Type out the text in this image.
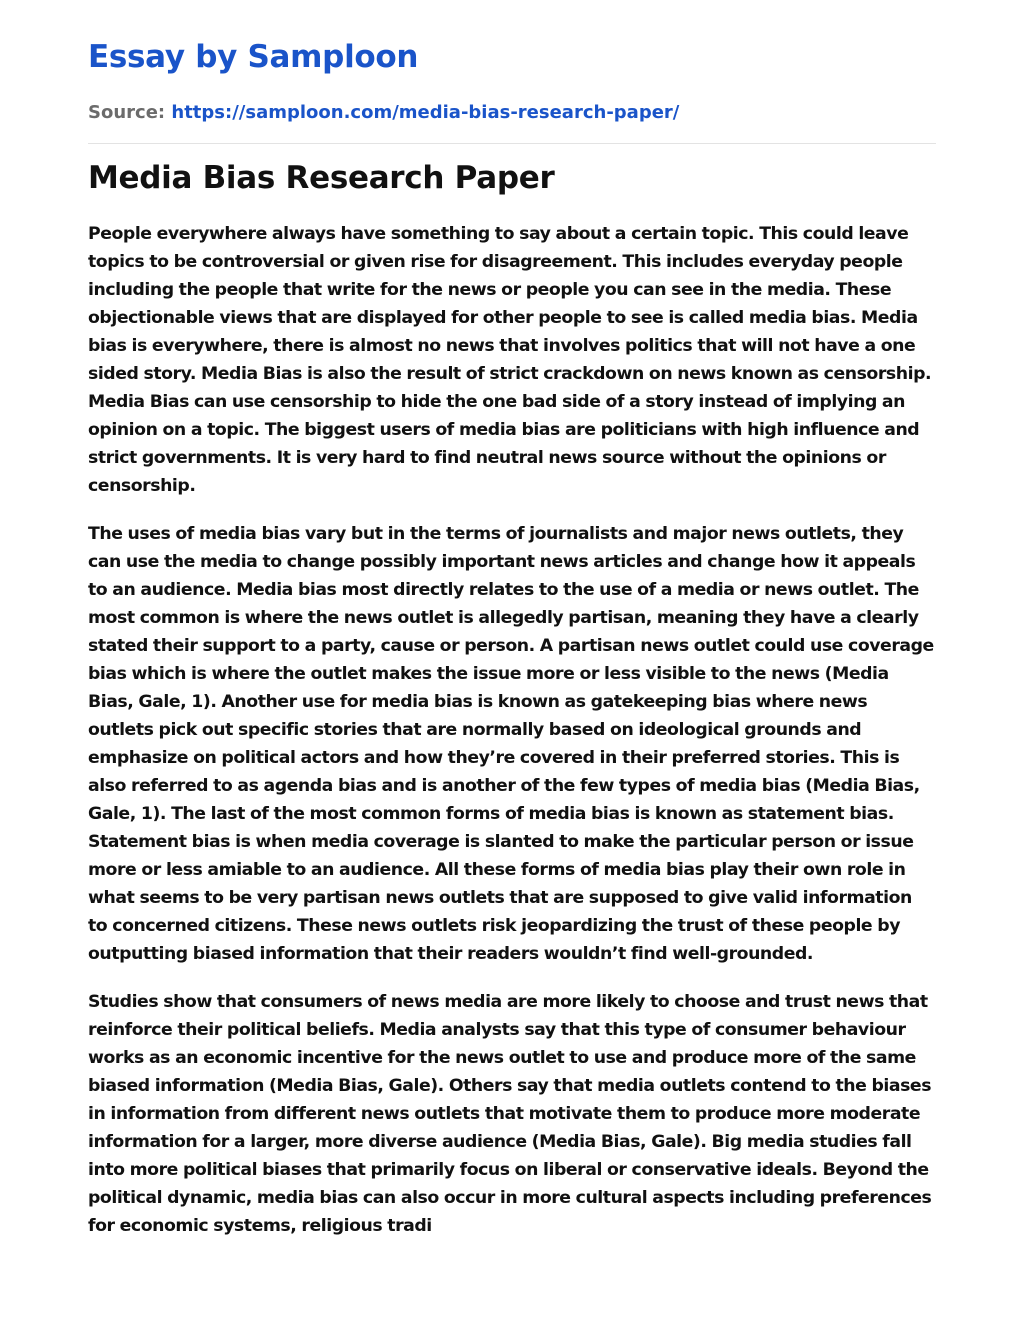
Essay by Samploon
Source: https://samploon.com/media-bias-research-paper/
Media Bias Research Paper

People everywhere always have something to say about a certain topic. This could leave topics to be controversial or given rise for disagreement. This includes everyday people including the people that write for the news or people you can see in the media. These objectionable views that are displayed for other people to see is called media bias. Media bias is everywhere, there is almost no news that involves politics that will not have a one sided story. Media Bias is also the result of strict crackdown on news known as censorship. Media Bias can use censorship to hide the one bad side of a story instead of implying an opinion on a topic. The biggest users of media bias are politicians with high influence and strict governments. It is very hard to find neutral news source without the opinions or censorship.

The uses of media bias vary but in the terms of journalists and major news outlets, they can use the media to change possibly important news articles and change how it appeals to an audience. Media bias most directly relates to the use of a media or news outlet. The most common is where the news outlet is allegedly partisan, meaning they have a clearly stated their support to a party, cause or person. A partisan news outlet could use coverage bias which is where the outlet makes the issue more or less visible to the news (Media Bias, Gale, 1). Another use for media bias is known as gatekeeping bias where news outlets pick out specific stories that are normally based on ideological grounds and emphasize on political actors and how they’re covered in their preferred stories. This is also referred to as agenda bias and is another of the few types of media bias (Media Bias, Gale, 1). The last of the most common forms of media bias is known as statement bias. Statement bias is when media coverage is slanted to make the particular person or issue more or less amiable to an audience. All these forms of media bias play their own role in what seems to be very partisan news outlets that are supposed to give valid information to concerned citizens. These news outlets risk jeopardizing the trust of these people by outputting biased information that their readers wouldn’t find well-grounded.

Studies show that consumers of news media are more likely to choose and trust news that reinforce their political beliefs. Media analysts say that this type of consumer behaviour works as an economic incentive for the news outlet to use and produce more of the same biased information (Media Bias, Gale). Others say that media outlets contend to the biases in information from different news outlets that motivate them to produce more moderate information for a larger, more diverse audience (Media Bias, Gale). Big media studies fall into more political biases that primarily focus on liberal or conservative ideals. Beyond the political dynamic, media bias can also occur in more cultural aspects including preferences for economic systems, religious tradi
